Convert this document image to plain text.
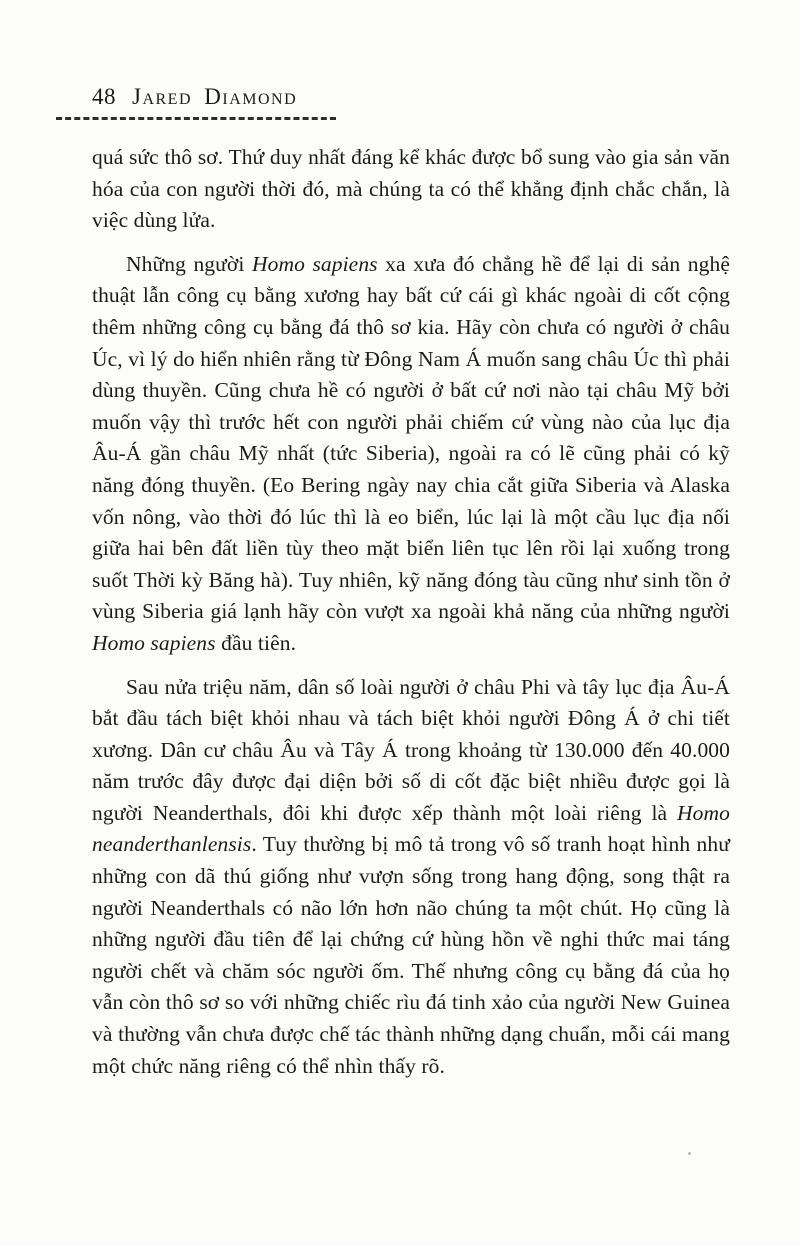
48 Jared Diamond

quá sức thô sơ. Thứ duy nhất đáng kể khác được bổ sung vào gia sản văn hóa của con người thời đó, mà chúng ta có thể khẳng định chắc chắn, là việc dùng lửa.

Những người Homo sapiens xa xưa đó chẳng hề để lại di sản nghệ thuật lẫn công cụ bằng xương hay bất cứ cái gì khác ngoài di cốt cộng thêm những công cụ bằng đá thô sơ kia. Hãy còn chưa có người ở châu Úc, vì lý do hiển nhiên rằng từ Đông Nam Á muốn sang châu Úc thì phải dùng thuyền. Cũng chưa hề có người ở bất cứ nơi nào tại châu Mỹ bởi muốn vậy thì trước hết con người phải chiếm cứ vùng nào của lục địa Âu-Á gần châu Mỹ nhất (tức Siberia), ngoài ra có lẽ cũng phải có kỹ năng đóng thuyền. (Eo Bering ngày nay chia cắt giữa Siberia và Alaska vốn nông, vào thời đó lúc thì là eo biển, lúc lại là một cầu lục địa nối giữa hai bên đất liền tùy theo mặt biển liên tục lên rồi lại xuống trong suốt Thời kỳ Băng hà). Tuy nhiên, kỹ năng đóng tàu cũng như sinh tồn ở vùng Siberia giá lạnh hãy còn vượt xa ngoài khả năng của những người Homo sapiens đầu tiên.

Sau nửa triệu năm, dân số loài người ở châu Phi và tây lục địa Âu-Á bắt đầu tách biệt khỏi nhau và tách biệt khỏi người Đông Á ở chi tiết xương. Dân cư châu Âu và Tây Á trong khoảng từ 130.000 đến 40.000 năm trước đây được đại diện bởi số di cốt đặc biệt nhiều được gọi là người Neanderthals, đôi khi được xếp thành một loài riêng là Homo neanderthanlensis. Tuy thường bị mô tả trong vô số tranh hoạt hình như những con dã thú giống như vượn sống trong hang động, song thật ra người Neanderthals có não lớn hơn não chúng ta một chút. Họ cũng là những người đầu tiên để lại chứng cứ hùng hồn về nghi thức mai táng người chết và chăm sóc người ốm. Thế nhưng công cụ bằng đá của họ vẫn còn thô sơ so với những chiếc rìu đá tinh xảo của người New Guinea và thường vẫn chưa được chế tác thành những dạng chuẩn, mỗi cái mang một chức năng riêng có thể nhìn thấy rõ.
